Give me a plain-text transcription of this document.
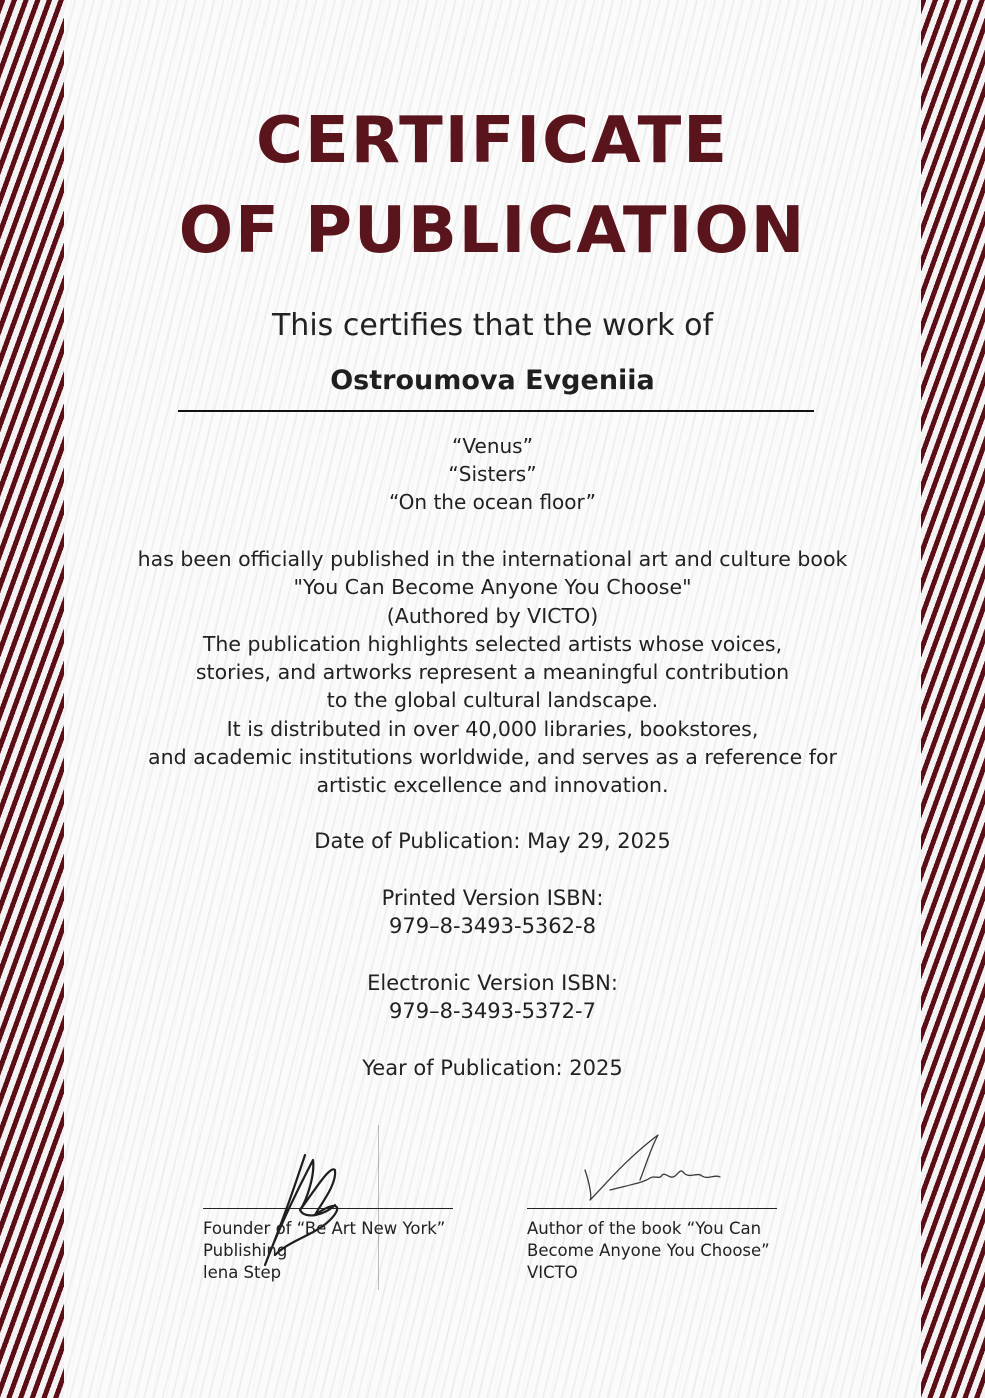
CERTIFICATE
OF PUBLICATION
This certifies that the work of
Ostroumova Evgeniia
“Venus”
“Sisters”
“On the ocean floor”
has been officially published in the international art and culture book
"You Can Become Anyone You Choose"
(Authored by VICTO)
The publication highlights selected artists whose voices,
stories, and artworks represent a meaningful contribution
to the global cultural landscape.
It is distributed in over 40,000 libraries, bookstores,
and academic institutions worldwide, and serves as a reference for
artistic excellence and innovation.
Date of Publication: May 29, 2025
Printed Version ISBN:
979–8-3493-5362-8
Electronic Version ISBN:
979–8-3493-5372-7
Year of Publication: 2025
Founder of “Be Art New York”
Publishing
lena Step
Author of the book “You Can
Become Anyone You Choose”
VICTO
